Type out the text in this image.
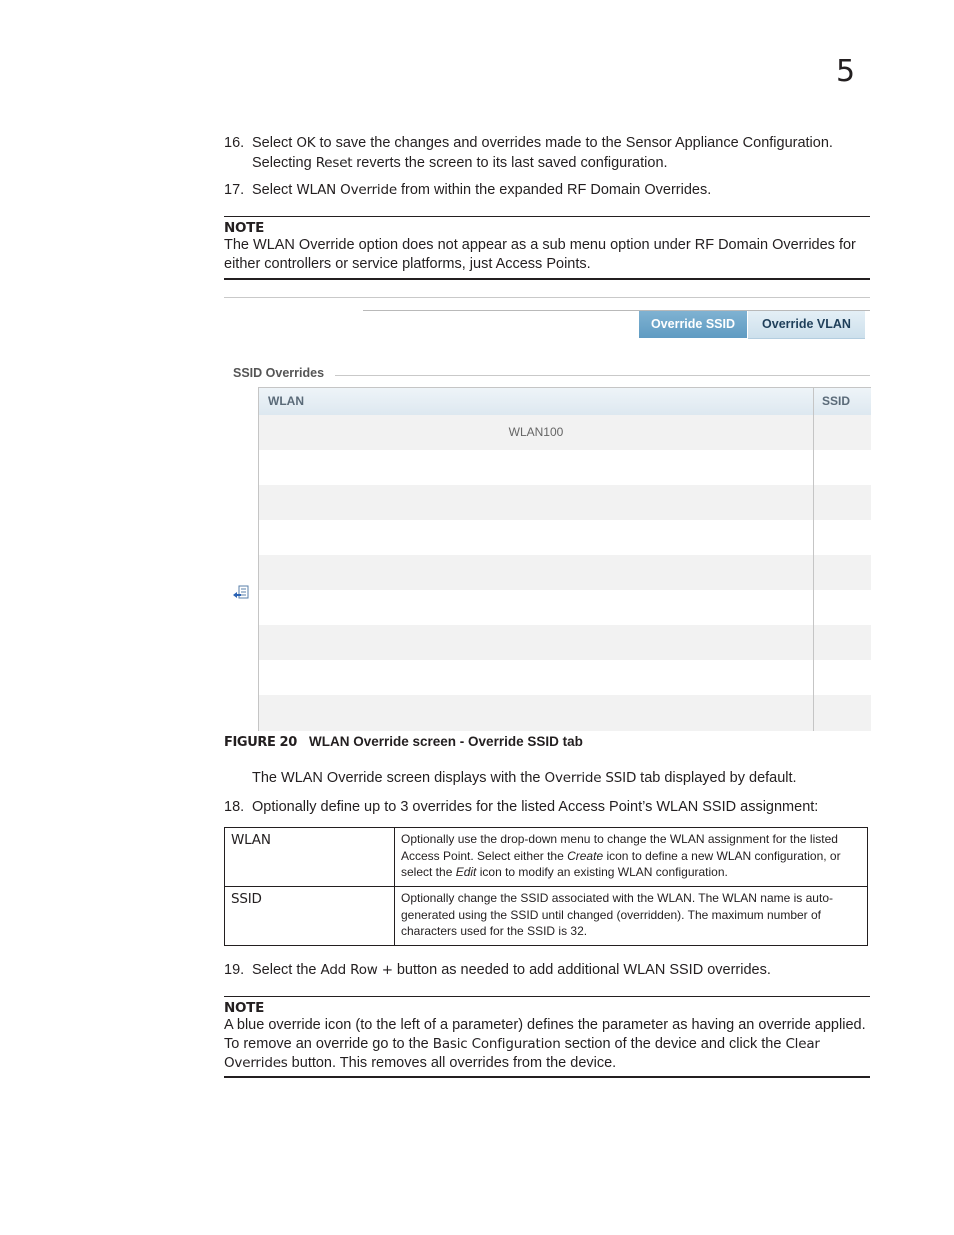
5
16. Select OK to save the changes and overrides made to the Sensor Appliance Configuration.
Selecting Reset reverts the screen to its last saved configuration.
17. Select WLAN Override from within the expanded RF Domain Overrides.
NOTE
The WLAN Override option does not appear as a sub menu option under RF Domain Overrides for either controllers or service platforms, just Access Points.
Override SSID	Override VLAN
SSID Overrides
WLAN	SSID
WLAN100
FIGURE 20 WLAN Override screen - Override SSID tab
The WLAN Override screen displays with the Override SSID tab displayed by default.
18. Optionally define up to 3 overrides for the listed Access Point’s WLAN SSID assignment:
WLAN	Optionally use the drop-down menu to change the WLAN assignment for the listed Access Point. Select either the Create icon to define a new WLAN configuration, or select the Edit icon to modify an existing WLAN configuration.
SSID	Optionally change the SSID associated with the WLAN. The WLAN name is auto-generated using the SSID until changed (overridden). The maximum number of characters used for the SSID is 32.
19. Select the Add Row + button as needed to add additional WLAN SSID overrides.
NOTE
A blue override icon (to the left of a parameter) defines the parameter as having an override applied. To remove an override go to the Basic Configuration section of the device and click the Clear Overrides button. This removes all overrides from the device.
